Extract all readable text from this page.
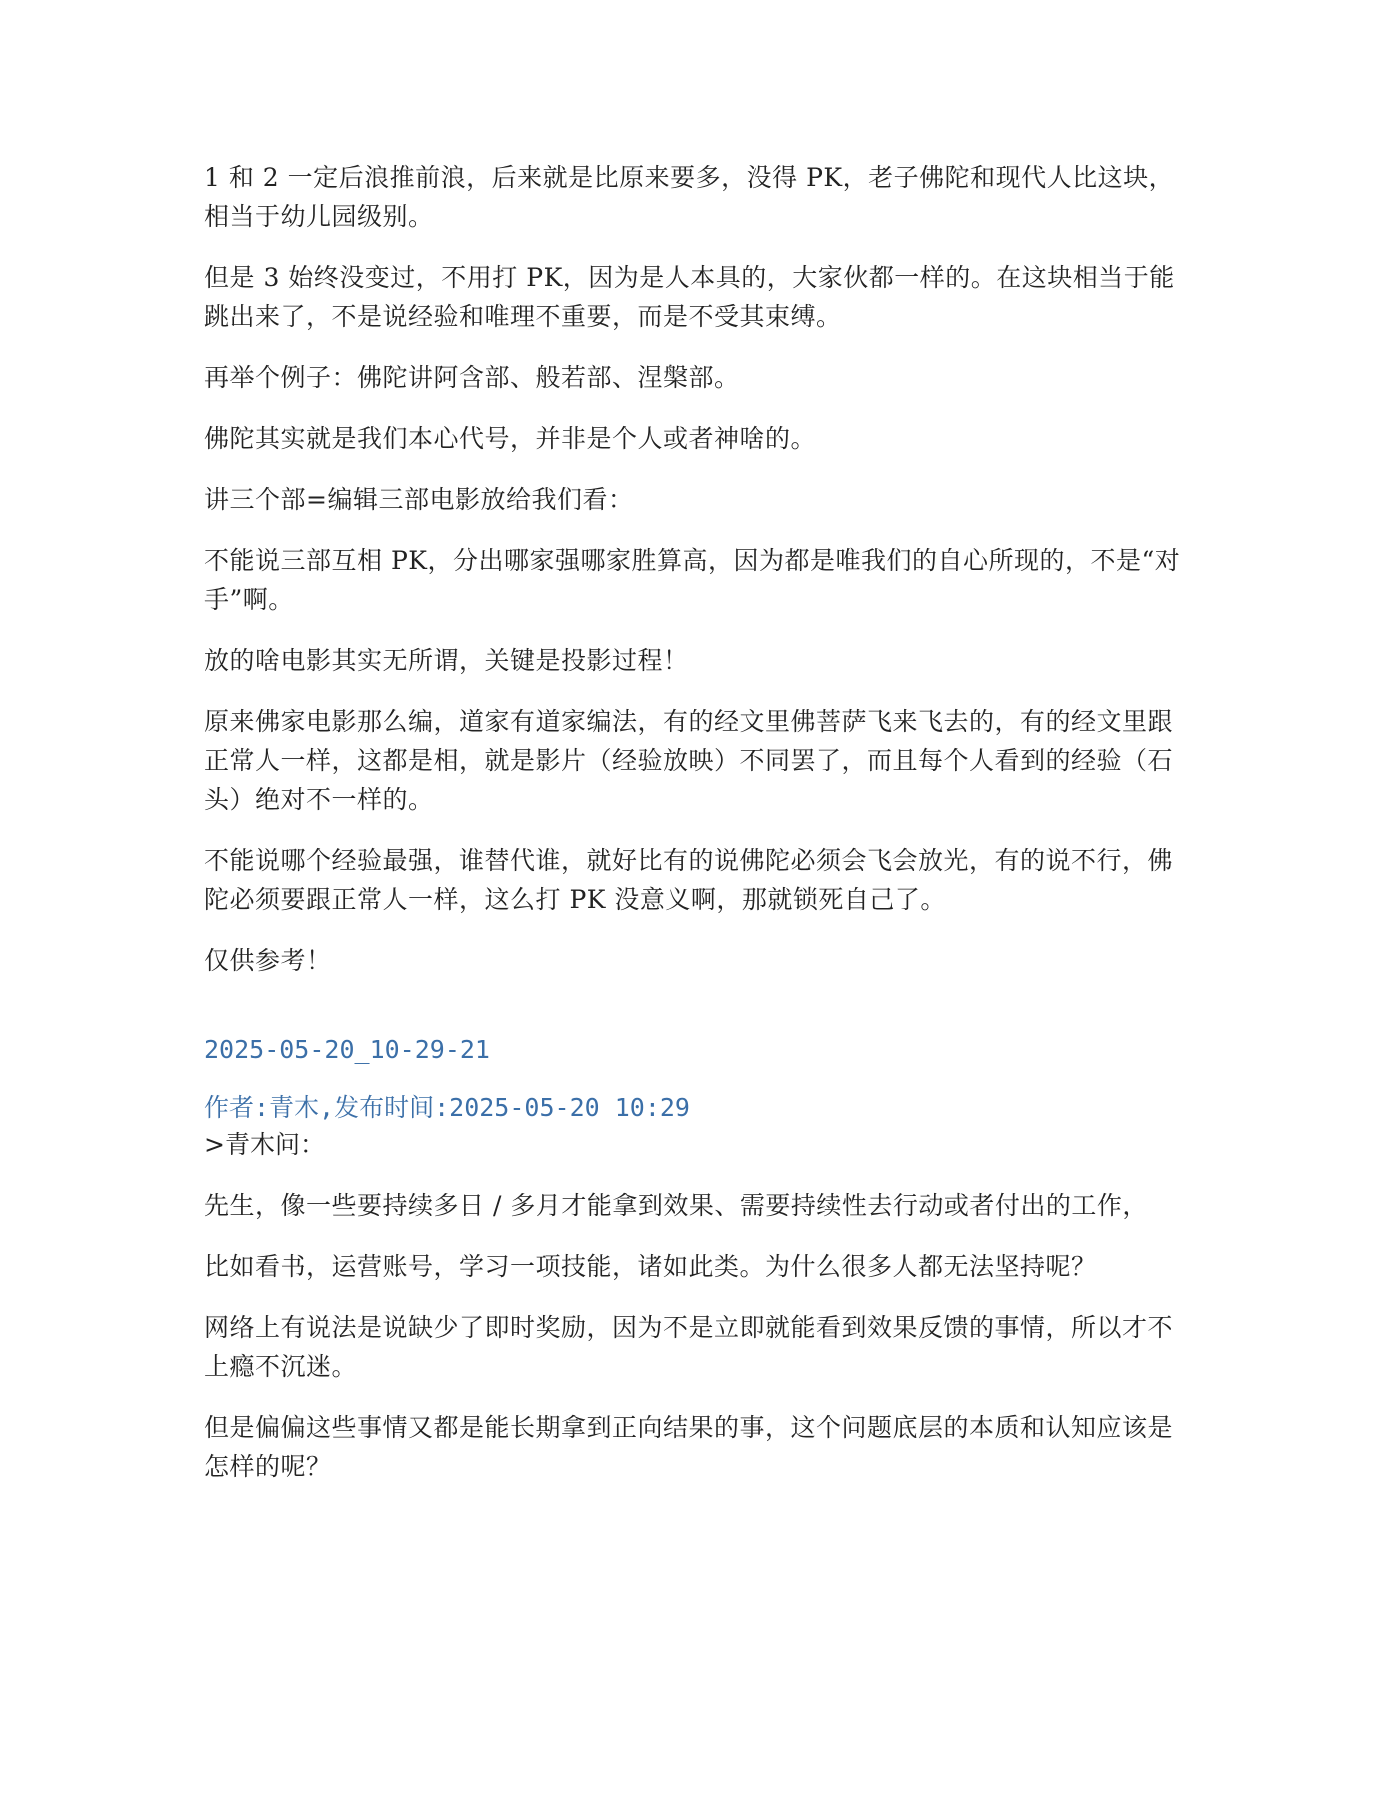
1 和 2 一定后浪推前浪，后来就是比原来要多，没得 PK，老子佛陀和现代人比这块，相当于幼儿园级别。

但是 3 始终没变过，不用打 PK，因为是人本具的，大家伙都一样的。在这块相当于能跳出来了，不是说经验和唯理不重要，而是不受其束缚。

再举个例子：佛陀讲阿含部、般若部、涅槃部。

佛陀其实就是我们本心代号，并非是个人或者神啥的。

讲三个部=编辑三部电影放给我们看：

不能说三部互相 PK，分出哪家强哪家胜算高，因为都是唯我们的自心所现的，不是“对手”啊。

放的啥电影其实无所谓，关键是投影过程！

原来佛家电影那么编，道家有道家编法，有的经文里佛菩萨飞来飞去的，有的经文里跟正常人一样，这都是相，就是影片（经验放映）不同罢了，而且每个人看到的经验（石头）绝对不一样的。

不能说哪个经验最强，谁替代谁，就好比有的说佛陀必须会飞会放光，有的说不行，佛陀必须要跟正常人一样，这么打 PK 没意义啊，那就锁死自己了。

仅供参考！

2025-05-20_10-29-21

作者:青木,发布时间:2025-05-20 10:29

>青木问：

先生，像一些要持续多日 / 多月才能拿到效果、需要持续性去行动或者付出的工作，

比如看书，运营账号，学习一项技能，诸如此类。为什么很多人都无法坚持呢？

网络上有说法是说缺少了即时奖励，因为不是立即就能看到效果反馈的事情，所以才不上瘾不沉迷。

但是偏偏这些事情又都是能长期拿到正向结果的事，这个问题底层的本质和认知应该是怎样的呢？
